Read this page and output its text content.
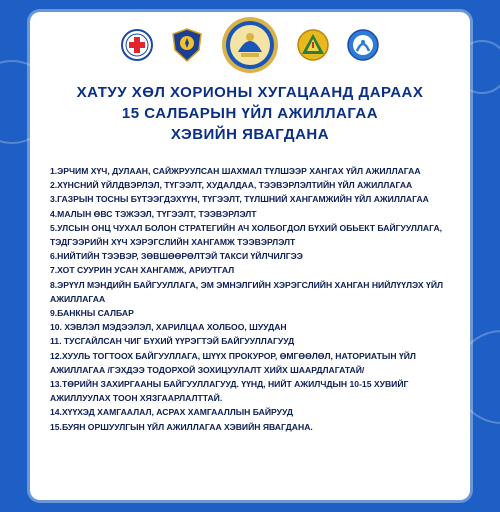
ХАТУУ ХӨЛ ХОРИОНЫ ХУГАЦААНД ДАРААХ
15 САЛБАРЫН ҮЙЛ АЖИЛЛАГАА
ХЭВИЙН ЯВАГДАНА
1.ЭРЧИМ ХҮЧ, ДУЛААН, САЙЖРУУЛСАН ШАХМАЛ ТҮЛШЭЭР ХАНГАХ ҮЙЛ АЖИЛЛАГАА
2.ХҮНСНИЙ ҮЙЛДВЭРЛЭЛ, ТҮГЭЭЛТ, ХУДАЛДАА, ТЭЭВЭРЛЭЛТИЙН ҮЙЛ АЖИЛЛАГАА
3.ГАЗРЫН ТОСНЫ БҮТЭЭГДЭХҮҮН, ТҮГЭЭЛТ, ТҮЛШНИЙ ХАНГАМЖИЙН ҮЙЛ АЖИЛЛАГАА
4.МАЛЫН ӨВС ТЭЖЭЭЛ, ТҮГЭЭЛТ, ТЭЭВЭРЛЭЛТ
5.УЛСЫН ОНЦ ЧУХАЛ БОЛОН СТРАТЕГИЙН АЧ ХОЛБОГДОЛ БҮХИЙ ОБЬЕКТ БАЙГУУЛЛАГА, ТЭДГЭЭРИЙН ХҮЧ ХЭРЭГСЛИЙН ХАНГАМЖ ТЭЭВЭРЛЭЛТ
6.НИЙТИЙН ТЭЭВЭР, ЗӨВШӨӨРӨЛТЭЙ ТАКСИ ҮЙЛЧИЛГЭЭ
7.ХОТ СУУРИН УСАН ХАНГАМЖ, АРИУТГАЛ
8.ЭРҮҮЛ МЭНДИЙН БАЙГУУЛЛАГА, ЭМ ЭМНЭЛГИЙН ХЭРЭГСЛИЙН ХАНГАН НИЙЛҮҮЛЭХ ҮЙЛ АЖИЛЛАГАА
9.БАНКНЫ САЛБАР
10. ХЭВЛЭЛ МЭДЭЭЛЭЛ, ХАРИЛЦАА ХОЛБОО, ШУУДАН
11. ТУСГАЙЛСАН ЧИГ БҮХИЙ ҮҮРЭГТЭЙ БАЙГУУЛЛАГУУД
12.ХУУЛЬ ТОГТООХ БАЙГУУЛЛАГА, ШҮҮХ ПРОКУРОР, ӨМГӨӨЛӨЛ, НАТОРИАТЫН ҮЙЛ АЖИЛЛАГАА /ГЭХДЭЭ ТОДОРХОЙ ЗОХИЦУУЛАЛТ ХИЙХ ШААРДЛАГАТАЙ/
13.ТӨРИЙН ЗАХИРГААНЫ БАЙГУУЛЛАГУУД. ҮҮНД, НИЙТ АЖИЛЧДЫН 10-15 ХУВИЙГ АЖИЛЛУУЛАХ ТООН ХЯЗГААРЛАЛТТАЙ.
14.ХҮҮХЭД ХАМГААЛАЛ, АСРАХ ХАМГААЛЛЫН БАЙРУУД
15.БУЯН ОРШУУЛГЫН ҮЙЛ АЖИЛЛАГАА ХЭВИЙН ЯВАГДАНА.
